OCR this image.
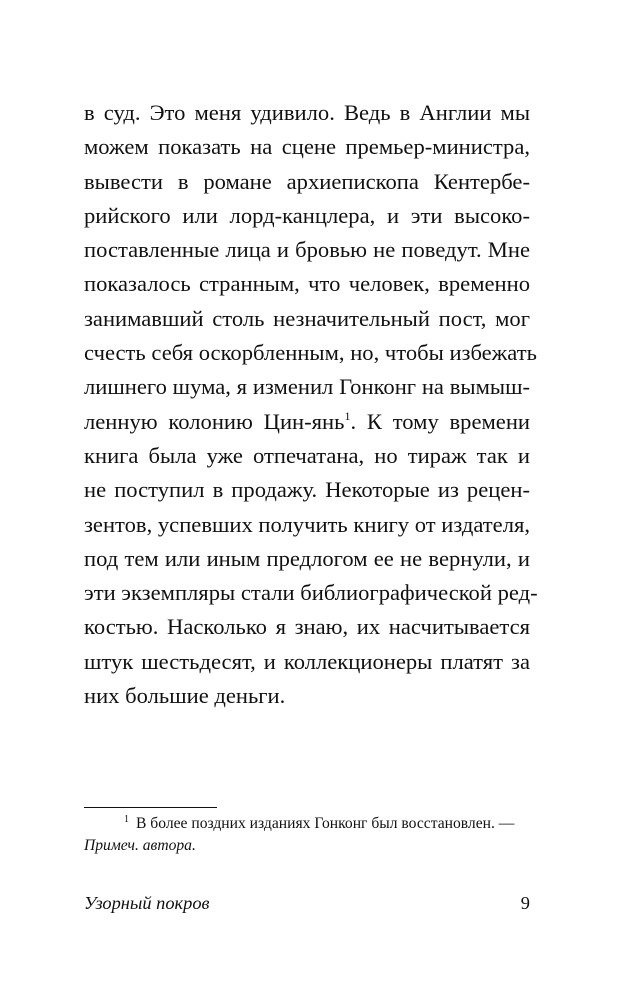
в суд. Это меня удивило. Ведь в Англии мы
можем показать на сцене премьер-министра,
вывести в романе архиепископа Кентербе-
рийского или лорд-канцлера, и эти высоко-
поставленные лица и бровью не поведут. Мне
показалось странным, что человек, временно
занимавший столь незначительный пост, мог
счесть себя оскорбленным, но, чтобы избежать
лишнего шума, я изменил Гонконг на вымыш-
ленную колонию Цин-янь$^1$. К тому времени
книга была уже отпечатана, но тираж так и
не поступил в продажу. Некоторые из рецен-
зентов, успевших получить книгу от издателя,
под тем или иным предлогом ее не вернули, и
эти экземпляры стали библиографической ред-
костью. Насколько я знаю, их насчитывается
штук шестьдесят, и коллекционеры платят за
них большие деньги.
$^1$ В более поздних изданиях Гонконг был восстановлен. —
Примеч. автора.
Узорный покров	9
